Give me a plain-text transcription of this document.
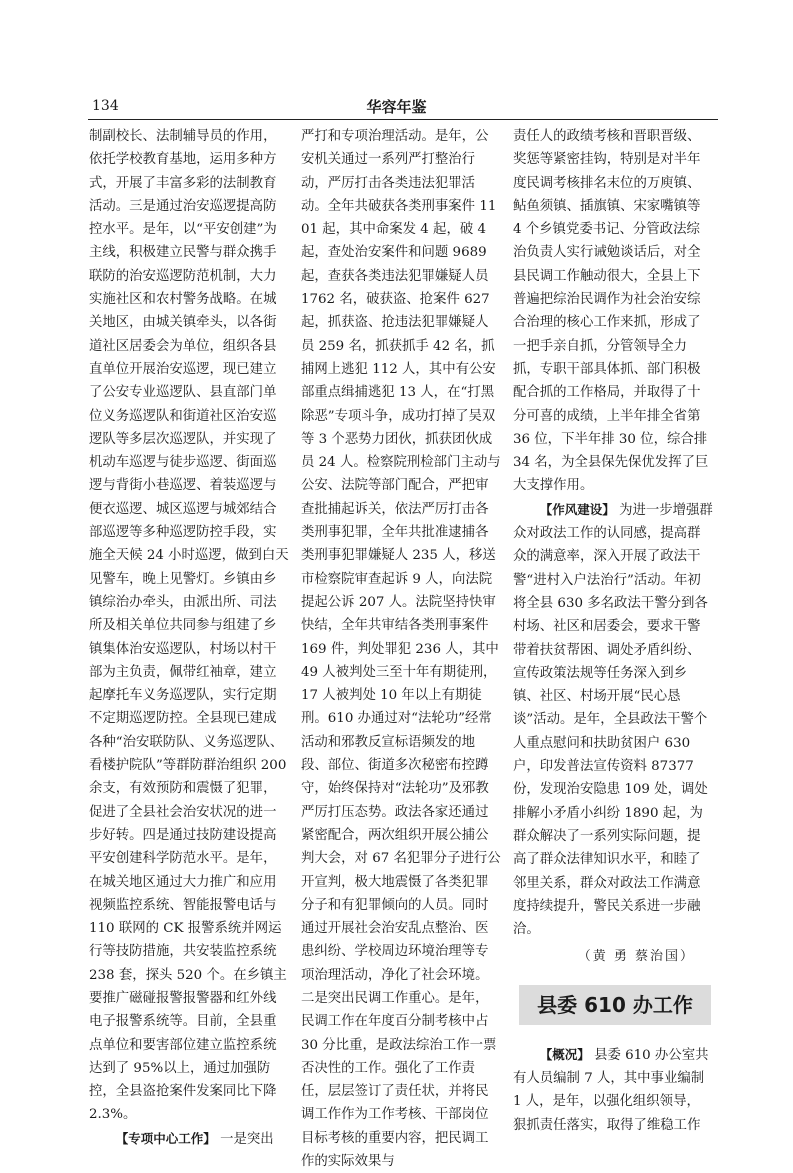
134	华容年鉴

制副校长、法制辅导员的作用，依托学校教育基地，运用多种方式，开展了丰富多彩的法制教育活动。三是通过治安巡逻提高防控水平。是年，以“平安创建”为主线，积极建立民警与群众携手联防的治安巡逻防范机制，大力实施社区和农村警务战略。在城关地区，由城关镇牵头，以各街道社区居委会为单位，组织各县直单位开展治安巡逻，现已建立了公安专业巡逻队、县直部门单位义务巡逻队和街道社区治安巡逻队等多层次巡逻队，并实现了机动车巡逻与徒步巡逻、街面巡逻与背街小巷巡逻、着装巡逻与便衣巡逻、城区巡逻与城郊结合部巡逻等多种巡逻防控手段，实施全天候 24 小时巡逻，做到白天见警车，晚上见警灯。乡镇由乡镇综治办牵头，由派出所、司法所及相关单位共同参与组建了乡镇集体治安巡逻队，村场以村干部为主负责，佩带红袖章，建立起摩托车义务巡逻队，实行定期不定期巡逻防控。全县现已建成各种“治安联防队、义务巡逻队、看楼护院队”等群防群治组织 200 余支，有效预防和震慑了犯罪，促进了全县社会治安状况的进一步好转。四是通过技防建设提高平安创建科学防范水平。是年，在城关地区通过大力推广和应用视频监控系统、智能报警电话与 110 联网的 CK 报警系统并网运行等技防措施，共安装监控系统 238 套，探头 520 个。在乡镇主要推广磁碰报警报警器和红外线电子报警系统等。目前，全县重点单位和要害部位建立监控系统达到了 95%以上，通过加强防控，全县盗抢案件发案同比下降 2.3%。

【专项中心工作】 一是突出

严打和专项治理活动。是年，公安机关通过一系列严打整治行动，严厉打击各类违法犯罪活动。全年共破获各类刑事案件 1101 起，其中命案发 4 起，破 4 起，查处治安案件和问题 9689 起，查获各类违法犯罪嫌疑人员 1762 名，破获盗、抢案件 627 起，抓获盗、抢违法犯罪嫌疑人员 259 名，抓获抓手 42 名，抓捕网上逃犯 112 人，其中有公安部重点缉捕逃犯 13 人，在“打黑除恶”专项斗争，成功打掉了吴双等 3 个恶势力团伙，抓获团伙成员 24 人。检察院刑检部门主动与公安、法院等部门配合，严把审查批捕起诉关，依法严厉打击各类刑事犯罪，全年共批准逮捕各类刑事犯罪嫌疑人 235 人，移送市检察院审查起诉 9 人，向法院提起公诉 207 人。法院坚持快审快结，全年共审结各类刑事案件 169 件，判处罪犯 236 人，其中 49 人被判处三至十年有期徒刑，17 人被判处 10 年以上有期徒刑。610 办通过对“法轮功”经常活动和邪教反宣标语频发的地段、部位、街道多次秘密布控蹲守，始终保持对“法轮功”及邪教严厉打压态势。政法各家还通过紧密配合，两次组织开展公捕公判大会，对 67 名犯罪分子进行公开宣判，极大地震慑了各类犯罪分子和有犯罪倾向的人员。同时通过开展社会治安乱点整治、医患纠纷、学校周边环境治理等专项治理活动，净化了社会环境。二是突出民调工作重心。是年，民调工作在年度百分制考核中占 30 分比重，是政法综治工作一票否决性的工作。强化了工作责任，层层签订了责任状，并将民调工作作为工作考核、干部岗位目标考核的重要内容，把民调工作的实际效果与

责任人的政绩考核和晋职晋级、奖惩等紧密挂钩，特别是对半年度民调考核排名末位的万庾镇、鲇鱼须镇、插旗镇、宋家嘴镇等 4 个乡镇党委书记、分管政法综治负责人实行诫勉谈话后，对全县民调工作触动很大，全县上下普遍把综治民调作为社会治安综合治理的核心工作来抓，形成了一把手亲自抓，分管领导全力抓，专职干部具体抓、部门积极配合抓的工作格局，并取得了十分可喜的成绩，上半年排全省第 36 位，下半年排 30 位，综合排 34 名，为全县保先保优发挥了巨大支撑作用。

【作风建设】 为进一步增强群众对政法工作的认同感，提高群众的满意率，深入开展了政法干警“进村入户法治行”活动。年初将全县 630 多名政法干警分到各村场、社区和居委会，要求干警带着扶贫帮困、调处矛盾纠纷、宣传政策法规等任务深入到乡镇、社区、村场开展“民心恳谈”活动。是年，全县政法干警个人重点慰问和扶助贫困户 630 户，印发普法宣传资料 87377 份，发现治安隐患 109 处，调处排解小矛盾小纠纷 1890 起，为群众解决了一系列实际问题，提高了群众法律知识水平，和睦了邻里关系，群众对政法工作满意度持续提升，警民关系进一步融洽。

（黄 勇 蔡治国）
县委 610 办工作

【概况】 县委 610 办公室共有人员编制 7 人，其中事业编制 1 人，是年，以强化组织领导，狠抓责任落实，取得了维稳工作
